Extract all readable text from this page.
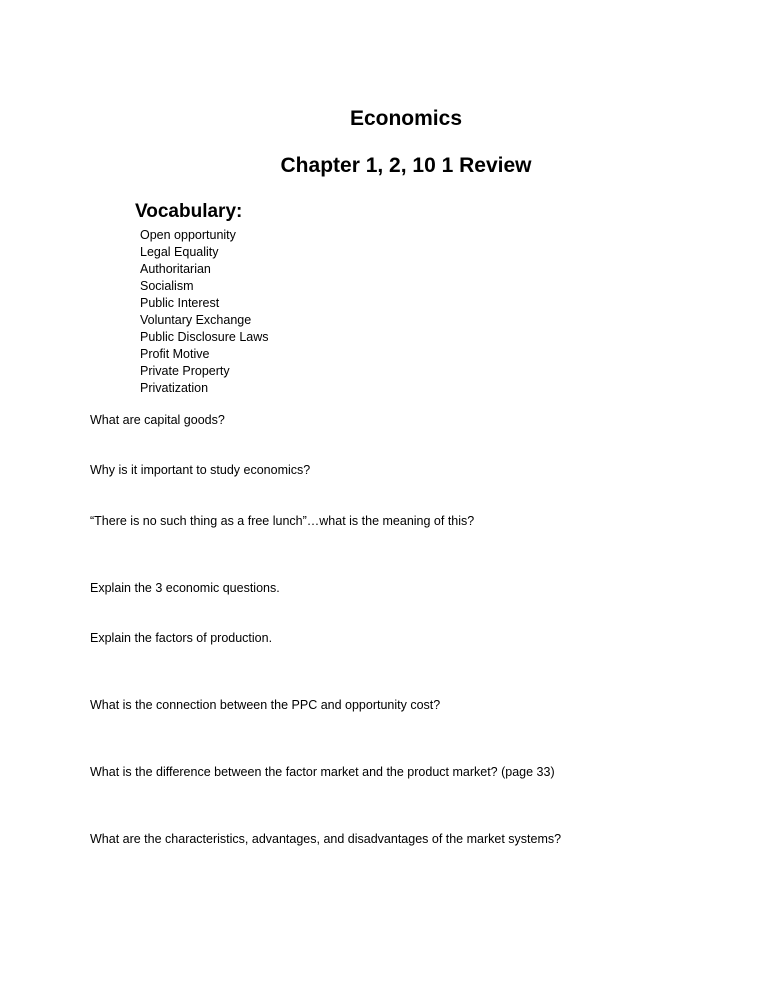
Economics
Chapter 1, 2, 10 1 Review
Vocabulary:
Open opportunity
Legal Equality
Authoritarian
Socialism
Public Interest
Voluntary Exchange
Public Disclosure Laws
Profit Motive
Private Property
Privatization
What are capital goods?
Why is it important to study economics?
“There is no such thing as a free lunch”…what is the meaning of this?
Explain the 3 economic questions.
Explain the factors of production.
What is the connection between the PPC and opportunity cost?
What is the difference between the factor market and the product market? (page 33)
What are the characteristics, advantages, and disadvantages of the market systems?
